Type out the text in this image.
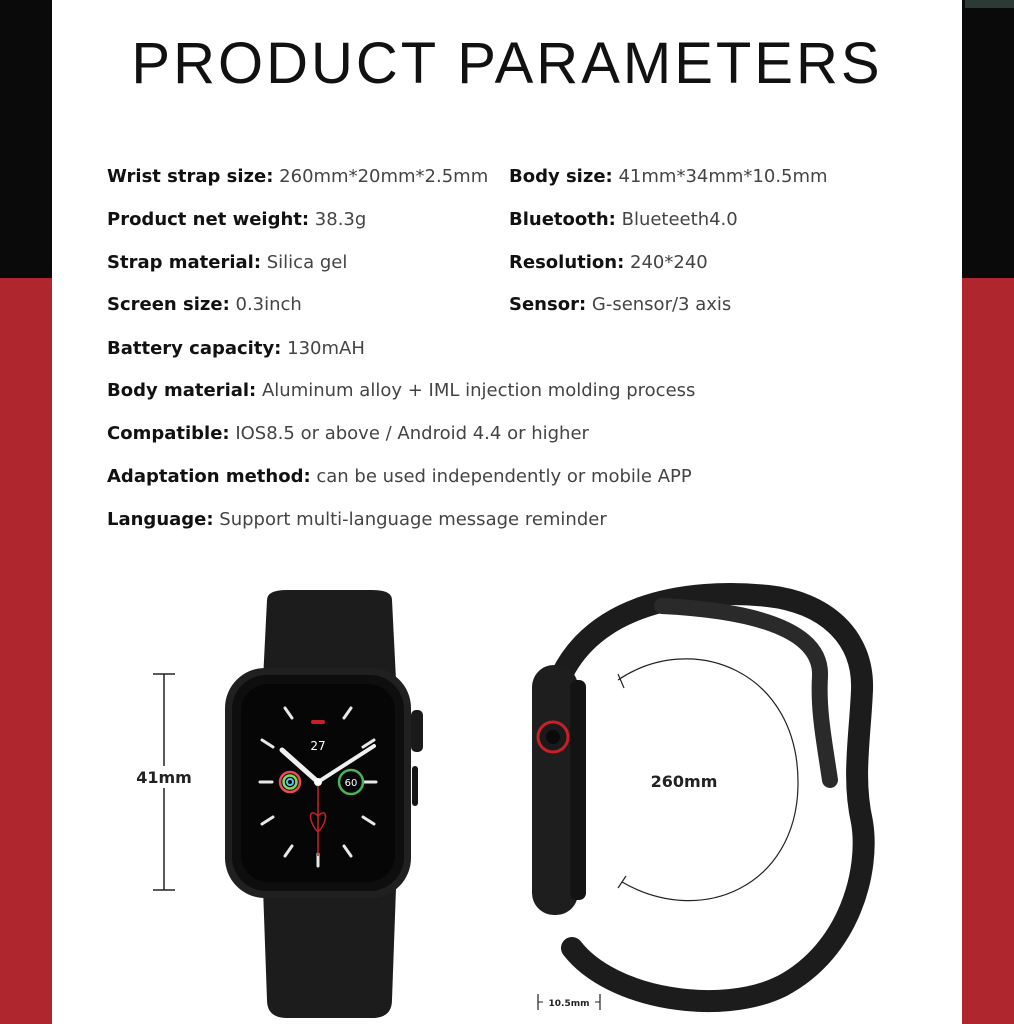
PRODUCT PARAMETERS
Wrist strap size: 260mm*20mm*2.5mm Body size: 41mm*34mm*10.5mm
Product net weight: 38.3g	Bluetooth: Blueteeth4.0
Strap material: Silica gel	Resolution: 240*240
Screen size: 0.3inch	Sensor: G-sensor/3 axis
Battery capacity: 130mAH
Body material: Aluminum alloy + IML injection molding process
Compatible: IOS8.5 or above / Android 4.4 or higher
Adaptation method: can be used independently or mobile APP
Language: Support multi-language message reminder
41mm
27
60	260mm
10.5mm
